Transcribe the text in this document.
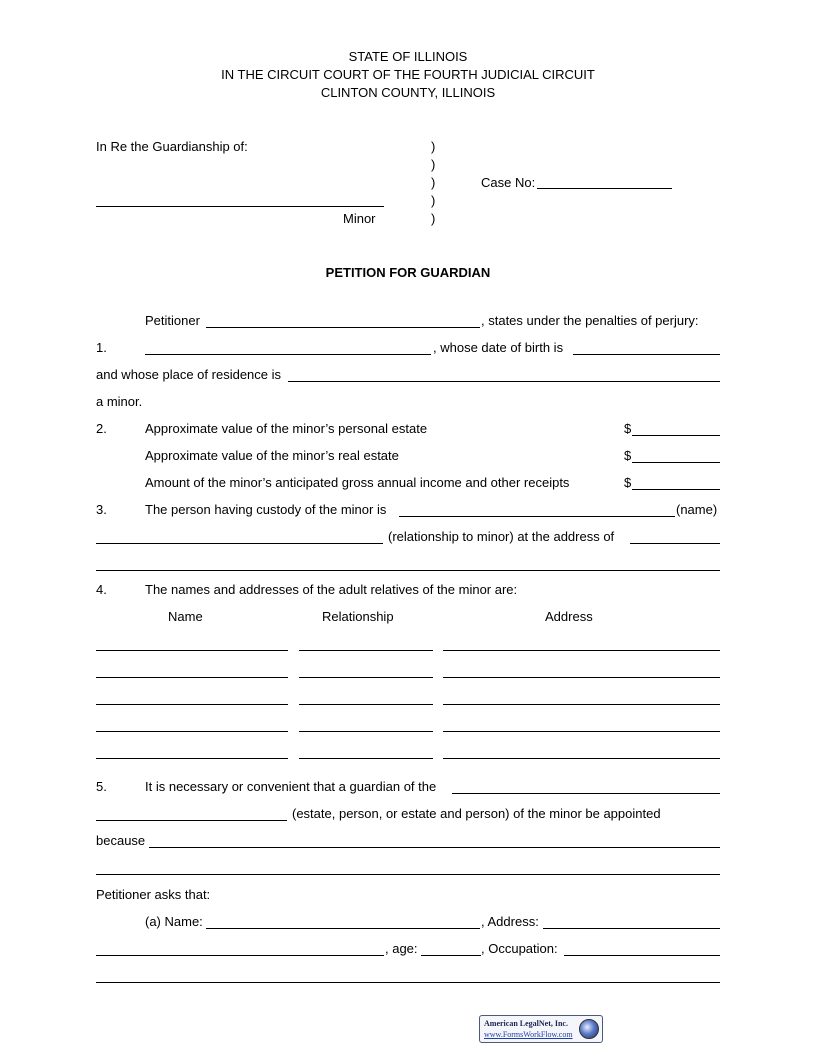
STATE OF ILLINOIS
IN THE CIRCUIT COURT OF THE FOURTH JUDICIAL CIRCUIT
CLINTON COUNTY, ILLINOIS
In Re the Guardianship of:	)
)
)
)
)
Case No:
Minor
PETITION FOR GUARDIAN
Petitioner	, states under the penalties of perjury:
1.	, whose date of birth is
and whose place of residence is
a minor.
2.	Approximate value of the minor’s personal estate	$
Approximate value of the minor’s real estate	$
Amount of the minor’s anticipated gross annual income and other receipts	$
3.	The person having custody of the minor is	(name)
(relationship to minor) at the address of
4.	The names and addresses of the adult relatives of the minor are:
Name	Relationship	Address
5.	It is necessary or convenient that a guardian of the
(estate, person, or estate and person) of the minor be appointed
because
Petitioner asks that:
(a) Name:	, Address:
, age:	, Occupation:
American LegalNet, Inc.
www.FormsWorkFlow.com
